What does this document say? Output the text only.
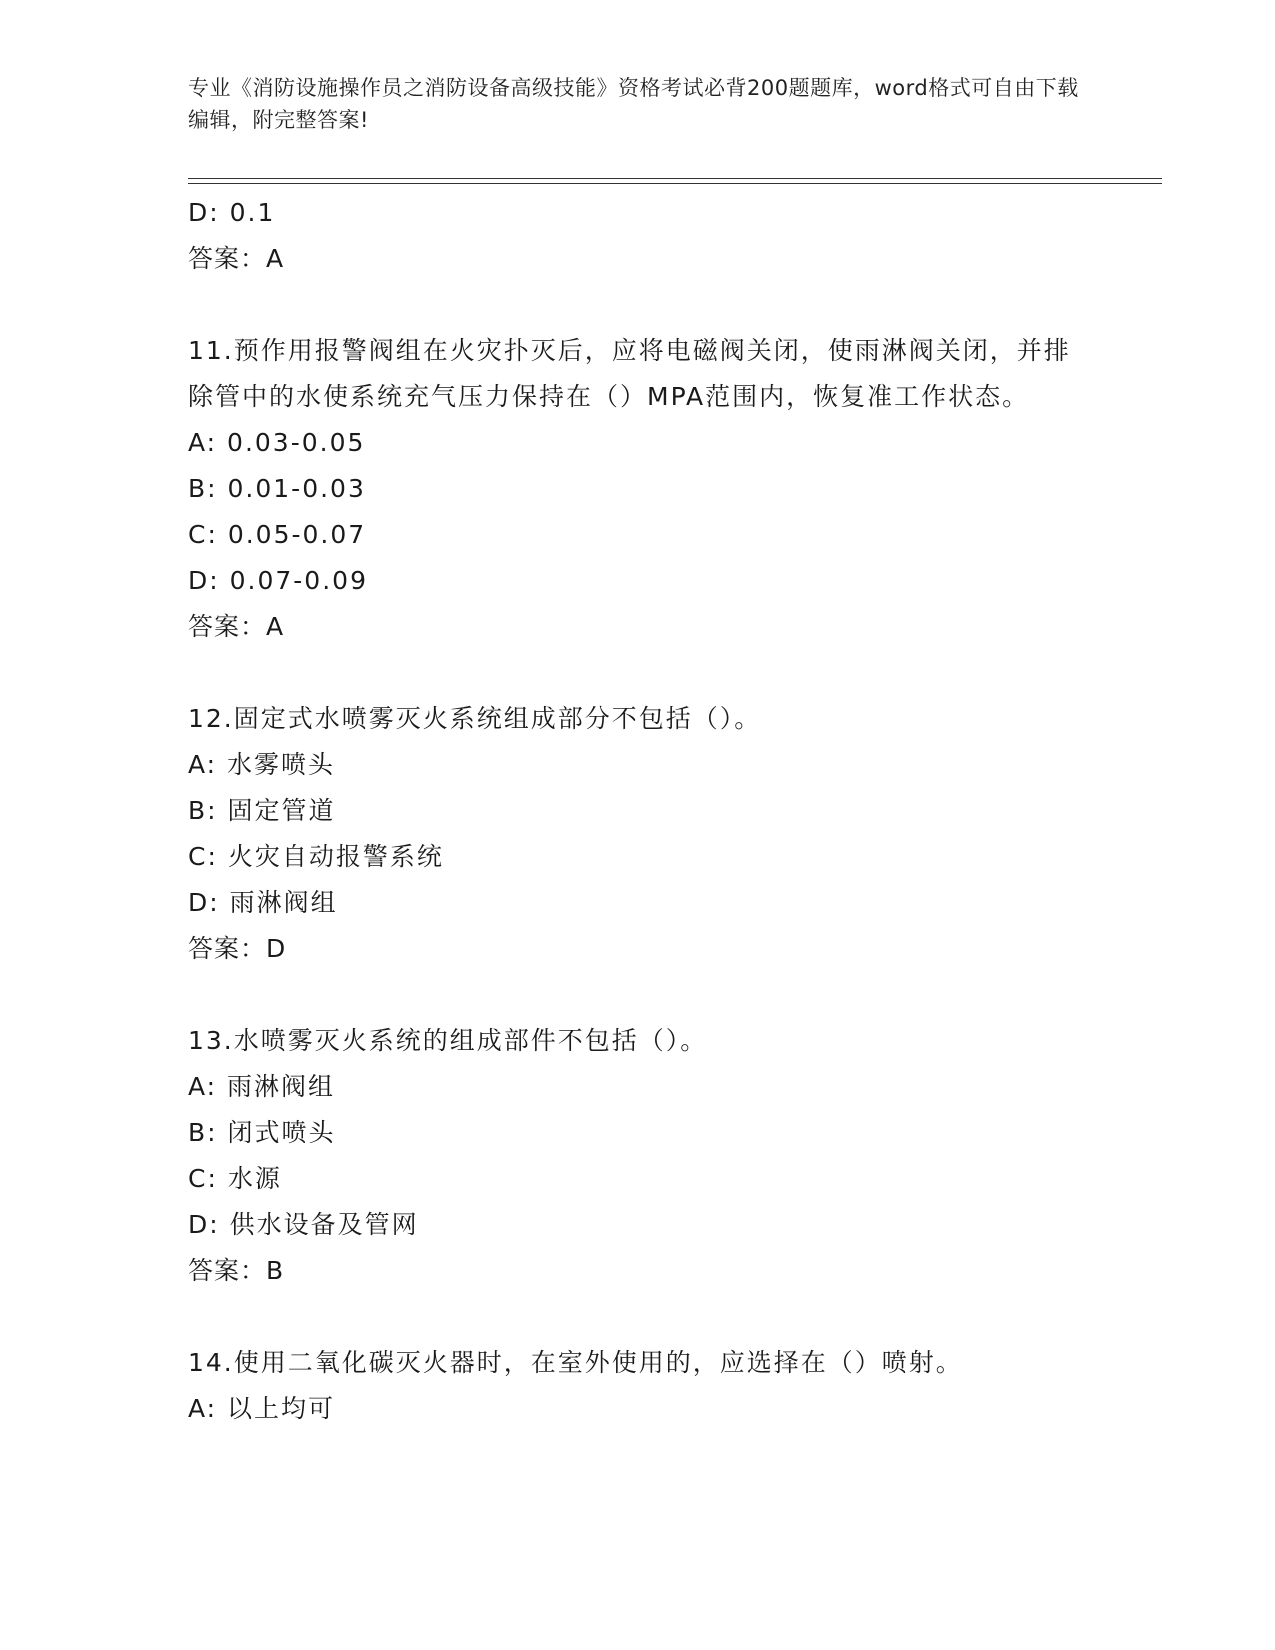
专业《消防设施操作员之消防设备高级技能》资格考试必背200题题库，word格式可自由下载编辑，附完整答案!
D: 0.1
答案：A
11.预作用报警阀组在火灾扑灭后，应将电磁阀关闭，使雨淋阀关闭，并排除管中的水使系统充气压力保持在（）MPA范围内，恢复准工作状态。
A: 0.03-0.05
B: 0.01-0.03
C: 0.05-0.07
D: 0.07-0.09
答案：A
12.固定式水喷雾灭火系统组成部分不包括（）。
A: 水雾喷头
B: 固定管道
C: 火灾自动报警系统
D: 雨淋阀组
答案：D
13.水喷雾灭火系统的组成部件不包括（）。
A: 雨淋阀组
B: 闭式喷头
C: 水源
D: 供水设备及管网
答案：B
14.使用二氧化碳灭火器时，在室外使用的，应选择在（）喷射。
A: 以上均可
